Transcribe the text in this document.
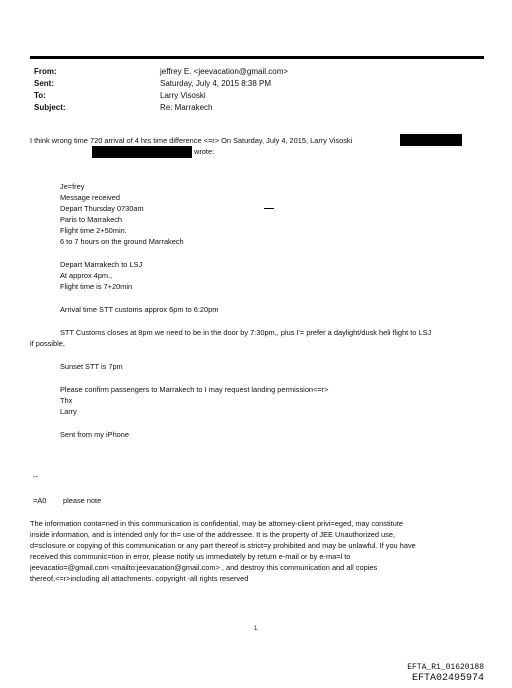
From:	jeffrey E. <jeevacation@gmail.com>
Sent:	Saturday, July 4, 2015 8:38 PM
To:	Larry Visoski
Subject:	Re: Marrakech
I think wrong time 720 arrival of 4 hrs time difference <=r> On Saturday, July 4, 2015, Larry Visoski
wrote:
Je=frey
Message received
Depart Thursday 0730am
Paris to Marrakech
Flight time 2+50min.
6 to 7 hours on the ground Marrakech
Depart Marrakech to LSJ
At approx 4pm.,
Flight time is 7+20min
Arrival time STT customs approx 6pm to 6:20pm
STT Customs closes at 8pm we need to be in the door by 7:30pm,, plus I'= prefer a daylight/dusk heli flight to LSJ
if possible,
Sunset STT is 7pm
Please confirm passengers to Marrakech to I may request landing permission<=r>
Thx
Larry
Sent from my iPhone
--
=A0 please note
The information conta=ned in this communication is confidential, may be attorney-client privi=eged, may constitute
inside information, and is intended only for th= use of the addressee. It is the property of JEE Unauthorized use,
d=sclosure or copying of this communication or any part thereof is strict=y prohibited and may be unlawful. If you have
received this communic=tion in error, please notify us immediately by return e-mail or by e-ma=l to
jeevacatio=@gmail.com <mailto:jeevacation@gmail.com> , and destroy this communication and all copies
thereof,<=r>including all attachments. copyright -all rights reserved
1
EFTA_R1_01620188
EFTA02495974
